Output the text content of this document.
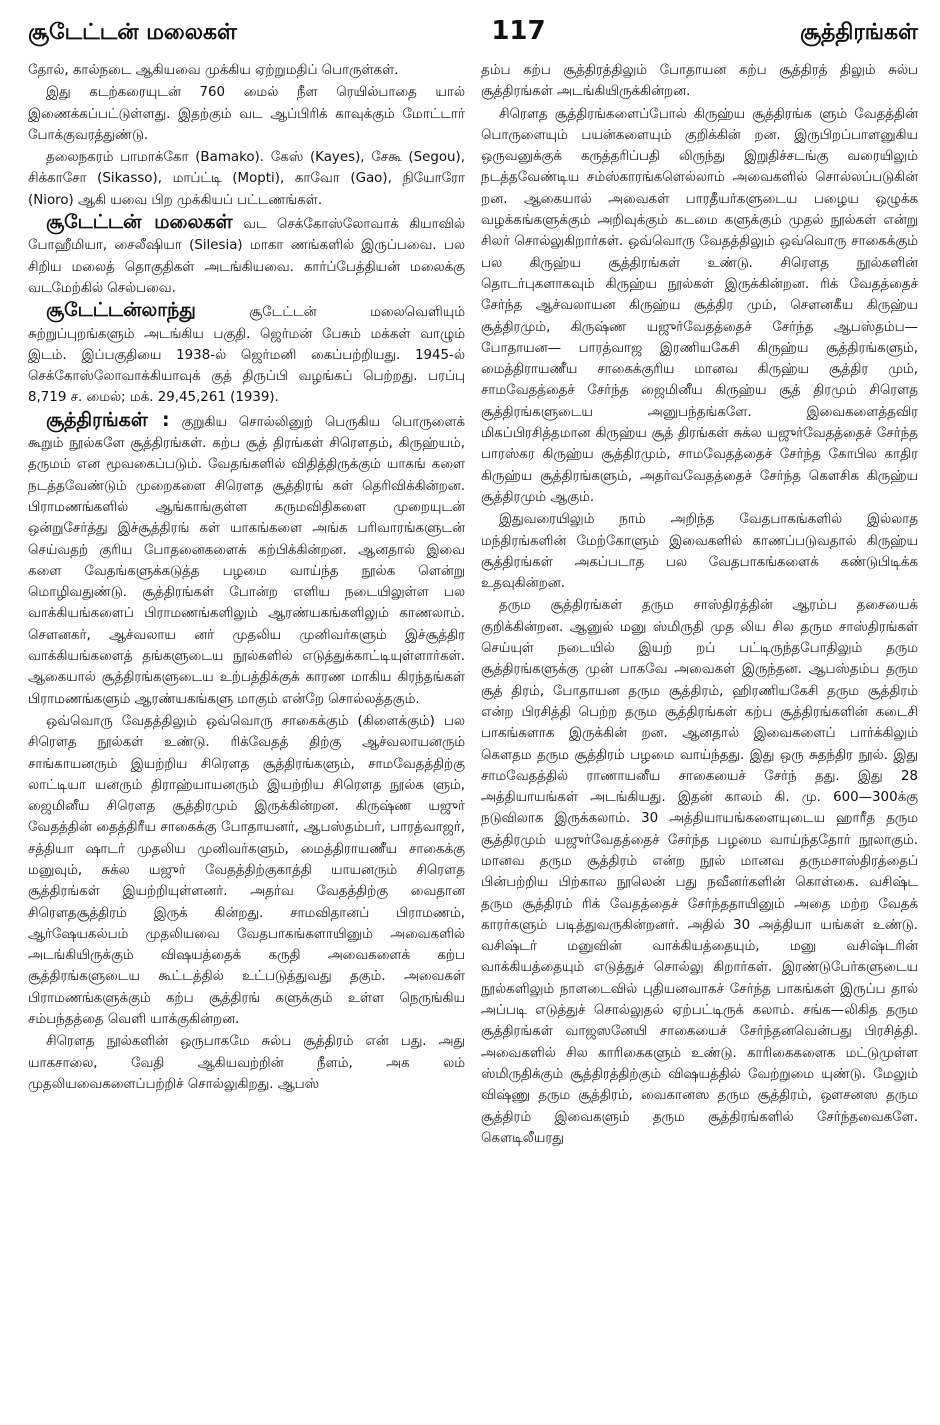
சூடேட்டன் மலைகள்	117	சூத்திரங்கள்

தோல், கால்நடை ஆகியவை முக்கிய ஏற்றுமதிப் பொருள்கள்.

இது கடற்கரையுடன் 760 மைல் நீள ரெயில்பாதை யால் இணைக்கப்பட்டுள்ளது. இதற்கும் வட ஆப்பிரிக் காவுக்கும் மோட்டார் போக்குவரத்துண்டு.

தலைநகரம் பாமாக்கோ (Bamako). கேஸ் (Kayes), சேகூ (Segou), சிக்காசோ (Sikasso), மாப்ட்டி (Mopti), காவோ (Gao), நியோரோ (Nioro) ஆகி யவை பிற முக்கியப் பட்டணங்கள்.

சூடேட்டன் மலைகள் வட செக்கோஸ்லோவாக் கியாவில் போஹீமியா, சைலீஷியா (Silesia) மாகா ணங்களில் இருப்பவை. பல சிறிய மலைத் தொகுதிகள் அடங்கியவை. கார்ப்பேத்தியன் மலைக்கு வடமேற்கில் செல்பவை.

சூடேட்டன்லாந்து	சூடேட்டன் மலைவெளியும் சுற்றுப்புறங்களும் அடங்கிய பகுதி. ஜெர்மன் பேசும் மக்கள் வாழும் இடம். இப்பகுதியை 1938-ல் ஜெர்மனி கைப்பற்றியது. 1945-ல் செக்கோஸ்லோவாக்கியாவுக் குத் திருப்பி வழங்கப் பெற்றது. பரப்பு 8,719 ச. மைல்; மக். 29,45,261 (1939).

சூத்திரங்கள் : குறுகிய சொல்லினுற் பெருகிய பொருளைக் கூறும் நூல்களே சூத்திரங்கள். கற்ப சூத் திரங்கள் சிரௌதம், கிருஹ்யம், தருமம் என மூவகைப்படும். வேதங்களில் விதித்திருக்கும் யாகங் களை நடத்தவேண்டும் முறைகளை சிரௌத சூத்திரங் கள் தெரிவிக்கின்றன. பிராமணங்களில் ஆங்காங்குள்ள கருமவிதிகளை முறையுடன் ஒன்றுசேர்த்து இச்சூத்திரங் கள் யாகங்களை அங்க பரிவாரங்களுடன் செய்வதற் குரிய போதனைகளைக் கற்பிக்கின்றன. ஆனதால் இவை களை வேதங்களுக்கடுத்த பழமை வாய்ந்த நூல்க ளென்று மொழிவதுண்டு. சூத்திரங்கள் போன்ற எளிய நடையிலுள்ள பல வாக்கியங்களைப் பிராமணங்களிலும் ஆரண்யகங்களிலும் காணலாம். சௌனகர், ஆச்வலாய னர் முதலிய முனிவர்களும் இச்சூத்திர வாக்கியங்களைத் தங்களுடைய நூல்களில் எடுத்துக்காட்டியுள்ளார்கள். ஆகையால் சூத்திரங்களுடைய உற்பத்திக்குக் காரண மாகிய கிரந்தங்கள் பிராமணங்களும் ஆரண்யகங்களு மாகும் என்றே சொல்லத்தகும்.

ஒவ்வொரு வேதத்திலும் ஒவ்வொரு சாகைக்கும் (கிளைக்கும்) பல சிரௌத நூல்கள் உண்டு. ரிக்வேதத் திற்கு ஆச்வலாயனரும் சாங்காயனரும் இயற்றிய சிரௌத சூத்திரங்களும், சாமவேதத்திற்கு லாட்டியா யனரும் திராஹ்யாயனரும் இயற்றிய சிரௌத நூல்க ளும், ஜைமினீய சிரௌத சூத்திரமும் இருக்கின்றன. கிருஷ்ண யஜுர் வேதத்தின் தைத்திரீய சாகைக்கு போதாயனர், ஆபஸ்தம்பர், பாரத்வாஜர், சத்தியா ஷாடர் முதலிய முனிவர்களும், மைத்திராயணீய சாகைக்கு மனுவும், சுக்ல யஜுர் வேதத்திற்குகாத்தி யாயனரும் சிரௌத சூத்திரங்கள் இயற்றியுள்ளனர். அதர்வ வேதத்திற்கு வைதான சிரௌதசூத்திரம் இருக் கின்றது. சாமவிதானப் பிராமணம், ஆர்ஷேயகல்பம் முதலியவை வேதபாகங்களாயினும் அவைகளில் அடங்கியிருக்கும் விஷயத்தைக் கருதி அவைகளைக் கற்ப சூத்திரங்களுடைய கூட்டத்தில் உட்படுத்துவது தகும். அவைகள் பிராமணங்களுக்கும் கற்ப சூத்திரங் களுக்கும் உள்ள நெருங்கிய சம்பந்தத்தை வெளி யாக்குகின்றன.

சிரௌத நூல்களின் ஒருபாகமே சுல்ப சூத்திரம் என் பது. அது யாகசாலை, வேதி ஆகியவற்றின் நீளம், அக லம் முதலியவைகளைப்பற்றிச் சொல்லுகிறது. ஆபஸ்

தம்ப கற்ப சூத்திரத்திலும் போதாயன கற்ப சூத்திரத் திலும் சுல்ப சூத்திரங்கள் அடங்கியிருக்கின்றன.

சிரௌத சூத்திரங்களைப்போல் கிருஹ்ய சூத்திரங்க ளும் வேதத்தின் பொருளையும் பயன்களையும் குறிக்கின் றன. இருபிறப்பாளனுகிய ஒருவனுக்குக் கருத்தரிப்பதி லிருந்து இறுதிச்சடங்கு வரையிலும் நடத்தவேண்டிய சம்ஸ்காரங்களெல்லாம் அவைகளில் சொல்லப்படுகின் றன. ஆகையால் அவைகள் பாரதீயர்களுடைய பழைய ஒழுக்க வழக்கங்களுக்கும் அறிவுக்கும் கடமை களுக்கும் முதல் நூல்கள் என்று சிலர் சொல்லுகிறார்கள். ஒவ்வொரு வேதத்திலும் ஒவ்வொரு சாகைக்கும் பல கிருஹ்ய சூத்திரங்கள் உண்டு. சிரௌத நூல்களின் தொடர்புகளாகவும் கிருஹ்ய நூல்கள் இருக்கின்றன. ரிக் வேதத்தைச் சேர்ந்த ஆச்வலாயன கிருஹ்ய சூத்திர மும், சௌனகீய கிருஹ்ய சூத்திரமும், கிருஷ்ண யஜுர்வேதத்தைச் சேர்ந்த ஆபஸ்தம்ப—போதாயன— பாரத்வாஜ இரணியகேசி கிருஹ்ய சூத்திரங்களும், மைத்திராயணீய சாகைக்குரிய மானவ கிருஹ்ய சூத்திர மும், சாமவேதத்தைச் சேர்ந்த ஜைமினீய கிருஹ்ய சூத் திரமும் சிரௌத சூத்திரங்களுடைய அனுபந்தங்களே. இவைகளைத்தவிர மிகப்பிரசித்தமான கிருஹ்ய சூத் திரங்கள் சுக்ல யஜுர்வேதத்தைச் சேர்ந்த பாரஸ்கர கிருஹ்ய சூத்திரமும், சாமவேதத்தைச் சேர்ந்த கோபில காதிர கிருஹ்ய சூத்திரங்களும், அதர்வவேதத்தைச் சேர்ந்த கௌசிக கிருஹ்ய சூத்திரமும் ஆகும்.

இதுவரையிலும் நாம் அறிந்த வேதபாகங்களில் இல்லாத மந்திரங்களின் மேற்கோளும் இவைகளில் காணப்படுவதால் கிருஹ்ய சூத்திரங்கள் அகப்படாத பல வேதபாகங்களைக் கண்டுபிடிக்க உதவுகின்றன.

தரும சூத்திரங்கள் தரும சாஸ்திரத்தின் ஆரம்ப தசையைக் குறிக்கின்றன. ஆனுல் மனு ஸ்மிருதி முத லிய சில தரும சாஸ்திரங்கள் செய்யுள் நடையில் இயற் றப் பட்டிருந்தபோதிலும் தரும சூத்திரங்களுக்கு முன் பாகவே அவைகள் இருந்தன. ஆபஸ்தம்ப தரும சூத் திரம், போதாயன தரும சூத்திரம், ஹிரணியகேசி தரும சூத்திரம் என்ற பிரசித்தி பெற்ற தரும சூத்திரங்கள் கற்ப சூத்திரங்களின் கடைசி பாகங்களாக இருக்கின் றன. ஆனதால் இவைகளைப் பார்க்கிலும் கௌதம தரும சூத்திரம் பழமை வாய்ந்தது. இது ஒரு சுதந்திர நூல். இது சாமவேதத்தில் ராணாயனீய சாகையைச் சேர்ந் தது. இது 28 அத்தியாயங்கள் அடங்கியது. இதன் காலம் கி. மு. 600—300க்கு நடுவிலாக இருக்கலாம். 30 அத்தியாயங்களையுடைய ஹாரீத தரும சூத்திரமும் யஜுர்வேதத்தைச் சேர்ந்த பழமை வாய்ந்ததோர் நூலாகும். மானவ தரும சூத்திரம் என்ற நூல் மானவ தருமசாஸ்திரத்தைப் பின்பற்றிய பிற்கால நூலென் பது நவீனர்களின் கொள்கை. வசிஷ்ட தரும சூத்திரம் ரிக் வேதத்தைச் சேர்ந்ததாயினும் அதை மற்ற வேதக் காரர்களும் படித்துவருகின்றனர். அதில் 30 அத்தியா யங்கள் உண்டு. வசிஷ்டர் மனுவின் வாக்கியத்தையும், மனு வசிஷ்டரின் வாக்கியத்தையும் எடுத்துச் சொல்லு கிறார்கள். இரண்டுபேர்களுடைய நூல்களிலும் நாளடைவில் புதியனவாகச் சேர்ந்த பாகங்கள் இருப்ப தால் அப்படி எடுத்துச் சொல்லுதல் ஏற்பட்டிருக் கலாம். சங்க—லிகித தரும சூத்திரங்கள் வாஜஸனேயி சாகையைச் சேர்ந்தனவென்பது பிரசித்தி. அவைகளில் சில காரிகைகளும் உண்டு. காரிகைகளைக மட்டுமுள்ள ஸ்மிருதிக்கும் சூத்திரத்திற்கும் விஷயத்தில் வேற்றுமை யுண்டு. மேலும் விஷ்ணு தரும சூத்திரம், வைகானஸ தரும சூத்திரம், ஔசனஸ தரும சூத்திரம் இவைகளும் தரும சூத்திரங்களில் சேர்ந்தவைகளே. கௌடிலீயரது
